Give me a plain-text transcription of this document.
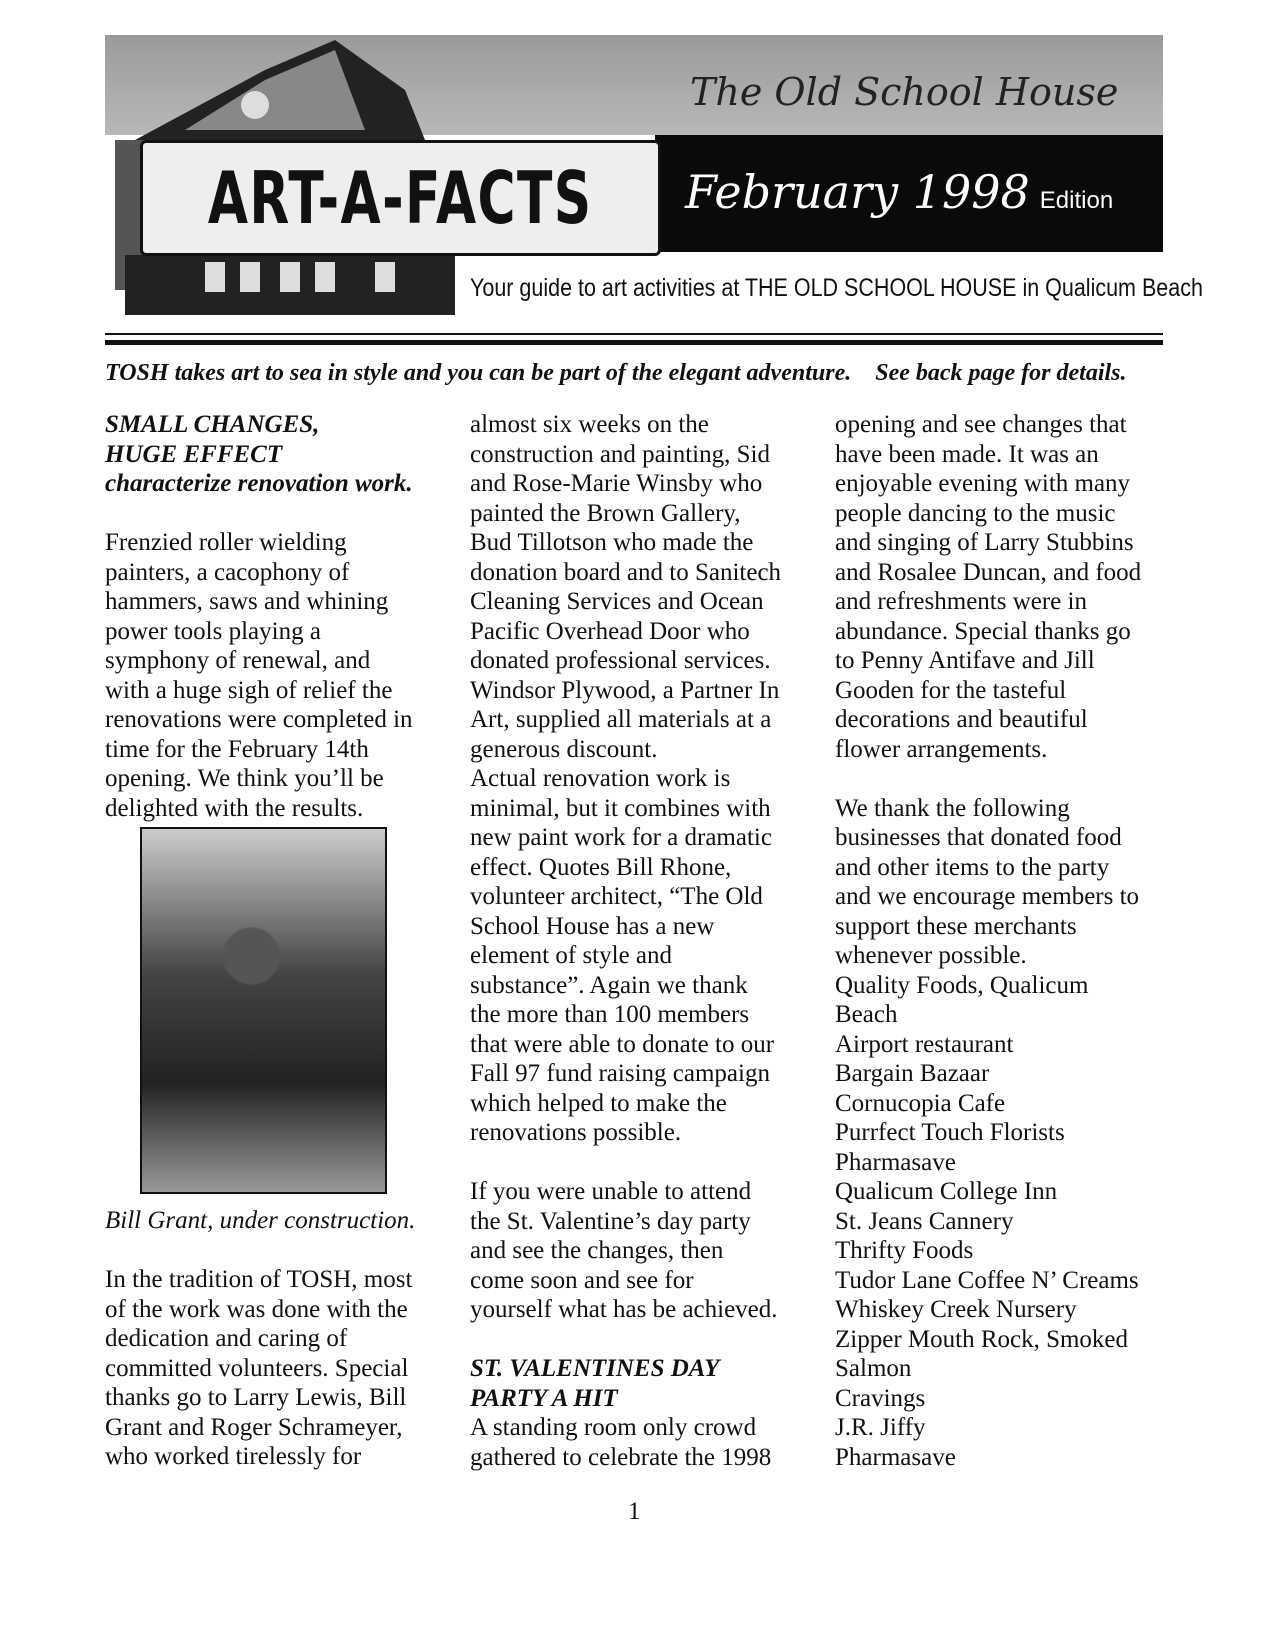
The Old School House
February 1998 Edition
ART-A-FACTS
Your guide to art activities at THE OLD SCHOOL HOUSE in Qualicum Beach
TOSH takes art to sea in style and you can be part of the elegant adventure.    See back page for details.
SMALL CHANGES,
HUGE EFFECT
characterize renovation work.
Frenzied roller wielding
painters, a cacophony of
hammers, saws and whining
power tools playing a
symphony of renewal, and
with a huge sigh of relief the
renovations were completed in
time for the February 14th
opening. We think you’ll be
delighted with the results.
Bill Grant, under construction.
In the tradition of TOSH, most
of the work was done with the
dedication and caring of
committed volunteers. Special
thanks go to Larry Lewis, Bill
Grant and Roger Schrameyer,
who worked tirelessly for
almost six weeks on the
construction and painting, Sid
and Rose-Marie Winsby who
painted the Brown Gallery,
Bud Tillotson who made the
donation board and to Sanitech
Cleaning Services and Ocean
Pacific Overhead Door who
donated professional services.
Windsor Plywood, a Partner In
Art, supplied all materials at a
generous discount.
Actual renovation work is
minimal, but it combines with
new paint work for a dramatic
effect. Quotes Bill Rhone,
volunteer architect, “The Old
School House has a new
element of style and
substance”. Again we thank
the more than 100 members
that were able to donate to our
Fall 97 fund raising campaign
which helped to make the
renovations possible.
If you were unable to attend
the St. Valentine’s day party
and see the changes, then
come soon and see for
yourself what has be achieved.
ST. VALENTINES DAY
PARTY A HIT
A standing room only crowd
gathered to celebrate the 1998
opening and see changes that
have been made. It was an
enjoyable evening with many
people dancing to the music
and singing of Larry Stubbins
and Rosalee Duncan, and food
and refreshments were in
abundance. Special thanks go
to Penny Antifave and Jill
Gooden for the tasteful
decorations and beautiful
flower arrangements.
We thank the following
businesses that donated food
and other items to the party
and we encourage members to
support these merchants
whenever possible.
Quality Foods, Qualicum
Beach
Airport restaurant
Bargain Bazaar
Cornucopia Cafe
Purrfect Touch Florists
Pharmasave
Qualicum College Inn
St. Jeans Cannery
Thrifty Foods
Tudor Lane Coffee N’ Creams
Whiskey Creek Nursery
Zipper Mouth Rock, Smoked
Salmon
Cravings
J.R. Jiffy
Pharmasave
1
